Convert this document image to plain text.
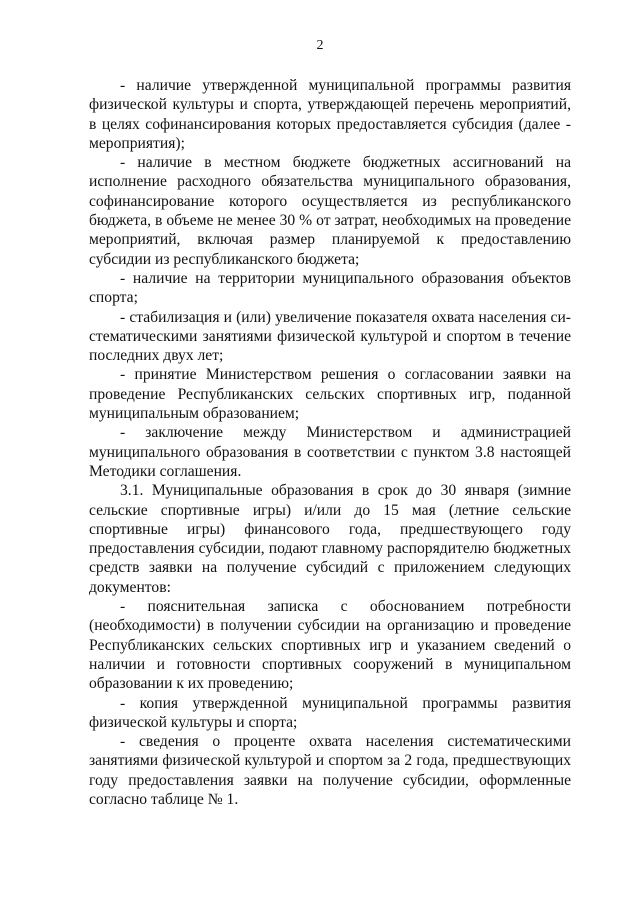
2

- наличие утвержденной муниципальной программы развития физической культуры и спорта, утверждающей перечень мероприятий, в целях софинансирования которых предоставляется субсидия (далее - мероприятия);

- наличие в местном бюджете бюджетных ассигнований на исполнение расходного обязательства муниципального образования, софинансирование которого осуществляется из республиканского бюджета, в объеме не менее 30 % от затрат, необходимых на проведение мероприятий, включая размер планируемой к предоставлению субсидии из республиканского бюджета;

- наличие на территории муниципального образования объектов спорта;

- стабилизация и (или) увеличение показателя охвата населения систематическими занятиями физической культурой и спортом в течение последних двух лет;

- принятие Министерством решения о согласовании заявки на проведение Республиканских сельских спортивных игр, поданной муниципальным образованием;

- заключение между Министерством и администрацией муниципального образования в соответствии с пунктом 3.8 настоящей Методики соглашения.

3.1. Муниципальные образования в срок до 30 января (зимние сельские спортивные игры) и/или до 15 мая (летние сельские спортивные игры) финансового года, предшествующего году предоставления субсидии, подают главному распорядителю бюджетных средств заявки на получение субсидий с приложением следующих документов:

- пояснительная записка с обоснованием потребности (необходимости) в получении субсидии на организацию и проведение Республиканских сельских спортивных игр и указанием сведений о наличии и готовности спортивных сооружений в муниципальном образовании к их проведению;

- копия утвержденной муниципальной программы развития физической культуры и спорта;

- сведения о проценте охвата населения систематическими занятиями физической культурой и спортом за 2 года, предшествующих году предоставления заявки на получение субсидии, оформленные согласно таблице № 1.
